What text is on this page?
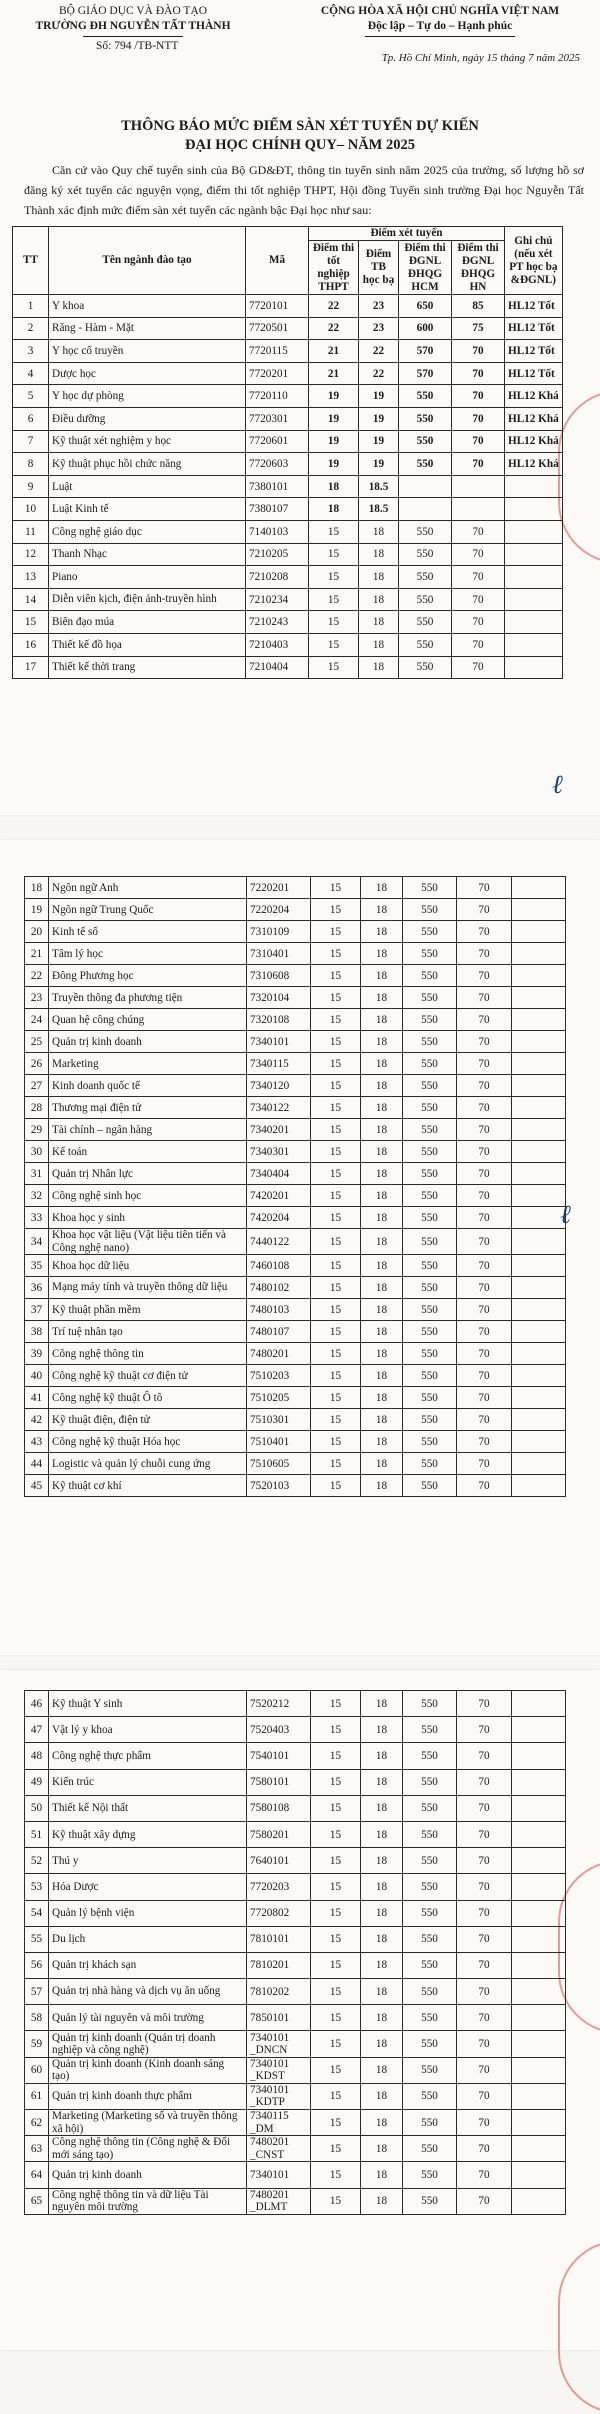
BỘ GIÁO DỤC VÀ ĐÀO TẠO
TRƯỜNG ĐH NGUYỄN TẤT THÀNH
Số: 794 /TB-NTT
CỘNG HÒA XÃ HỘI CHỦ NGHĨA VIỆT NAM
Độc lập – Tự do – Hạnh phúc
Tp. Hồ Chí Minh, ngày 15 tháng 7 năm 2025
THÔNG BÁO MỨC ĐIỂM SÀN XÉT TUYỂN DỰ KIẾN
ĐẠI HỌC CHÍNH QUY– NĂM 2025
Căn cứ vào Quy chế tuyển sinh của Bộ GD&ĐT, thông tin tuyển sinh năm 2025 của trường, số lượng hồ sơ đăng ký xét tuyển các nguyện vọng, điểm thi tốt nghiệp THPT, Hội đồng Tuyển sinh trường Đại học Nguyễn Tất Thành xác định mức điểm sàn xét tuyển các ngành bậc Đại học như sau:
ℓ
ℓ
TT	Tên ngành đào tạo	Mã	Điểm xét tuyển				Ghi chú (nếu xét PT học bạ &ĐGNL)
			Điểm thi tốt nghiệp THPT	Điểm TB học bạ	Điểm thi ĐGNL ĐHQG HCM	Điểm thi ĐGNL ĐHQG HN	
1	Y khoa	7720101	22	23	650	85	HL12 Tốt
2	Răng - Hàm - Mặt	7720501	22	23	600	75	HL12 Tốt
3	Y học cổ truyền	7720115	21	22	570	70	HL12 Tốt
4	Dược học	7720201	21	22	570	70	HL12 Tốt
5	Y học dự phòng	7720110	19	19	550	70	HL12 Khá
6	Điều dưỡng	7720301	19	19	550	70	HL12 Khá
7	Kỹ thuật xét nghiệm y học	7720601	19	19	550	70	HL12 Khá
8	Kỹ thuật phục hồi chức năng	7720603	19	19	550	70	HL12 Khá
9	Luật	7380101	18	18.5			
10	Luật Kinh tế	7380107	18	18.5			
11	Công nghệ giáo dục	7140103	15	18	550	70	
12	Thanh Nhạc	7210205	15	18	550	70	
13	Piano	7210208	15	18	550	70	
14	Diễn viên kịch, điện ảnh-truyền hình	7210234	15	18	550	70	
15	Biên đạo múa	7210243	15	18	550	70	
16	Thiết kế đồ họa	7210403	15	18	550	70	
17	Thiết kế thời trang	7210404	15	18	550	70	
18	Ngôn ngữ Anh	7220201	15	18	550	70	
19	Ngôn ngữ Trung Quốc	7220204	15	18	550	70	
20	Kinh tế số	7310109	15	18	550	70	
21	Tâm lý học	7310401	15	18	550	70	
22	Đông Phương học	7310608	15	18	550	70	
23	Truyền thông đa phương tiện	7320104	15	18	550	70	
24	Quan hệ công chúng	7320108	15	18	550	70	
25	Quản trị kinh doanh	7340101	15	18	550	70	
26	Marketing	7340115	15	18	550	70	
27	Kinh doanh quốc tế	7340120	15	18	550	70	
28	Thương mại điện tử	7340122	15	18	550	70	
29	Tài chính – ngân hàng	7340201	15	18	550	70	
30	Kế toán	7340301	15	18	550	70	
31	Quản trị Nhân lực	7340404	15	18	550	70	
32	Công nghệ sinh học	7420201	15	18	550	70	
33	Khoa học y sinh	7420204	15	18	550	70	
34	Khoa học vật liệu (Vật liệu tiên tiến và Công nghệ nano)	7440122	15	18	550	70	
35	Khoa học dữ liệu	7460108	15	18	550	70	
36	Mạng máy tính và truyền thông dữ liệu	7480102	15	18	550	70	
37	Kỹ thuật phần mềm	7480103	15	18	550	70	
38	Trí tuệ nhân tạo	7480107	15	18	550	70	
39	Công nghệ thông tin	7480201	15	18	550	70	
40	Công nghệ kỹ thuật cơ điện tử	7510203	15	18	550	70	
41	Công nghệ kỹ thuật Ô tô	7510205	15	18	550	70	
42	Kỹ thuật điện, điện tử	7510301	15	18	550	70	
43	Công nghệ kỹ thuật Hóa học	7510401	15	18	550	70	
44	Logistic và quản lý chuỗi cung ứng	7510605	15	18	550	70	
45	Kỹ thuật cơ khí	7520103	15	18	550	70	
46	Kỹ thuật Y sinh	7520212	15	18	550	70	
47	Vật lý y khoa	7520403	15	18	550	70	
48	Công nghệ thực phẩm	7540101	15	18	550	70	
49	Kiến trúc	7580101	15	18	550	70	
50	Thiết kế Nội thất	7580108	15	18	550	70	
51	Kỹ thuật xây dựng	7580201	15	18	550	70	
52	Thú y	7640101	15	18	550	70	
53	Hóa Dược	7720203	15	18	550	70	
54	Quản lý bệnh viện	7720802	15	18	550	70	
55	Du lịch	7810101	15	18	550	70	
56	Quản trị khách sạn	7810201	15	18	550	70	
57	Quản trị nhà hàng và dịch vụ ăn uống	7810202	15	18	550	70	
58	Quản lý tài nguyên và môi trường	7850101	15	18	550	70	
59	Quản trị kinh doanh (Quản trị doanh nghiệp và công nghệ)	7340101 _DNCN	15	18	550	70	
60	Quản trị kinh doanh (Kinh doanh sáng tạo)	7340101 _KDST	15	18	550	70	
61	Quản trị kinh doanh thực phẩm	7340101 _KDTP	15	18	550	70	
62	Marketing (Marketing số và truyền thông xã hội)	7340115 _DM	15	18	550	70	
63	Công nghệ thông tin (Công nghệ & Đổi mới sáng tạo)	7480201 _CNST	15	18	550	70	
64	Quản trị kinh doanh	7340101	15	18	550	70	
65	Công nghệ thông tin và dữ liệu Tài nguyên môi trường	7480201 _DLMT	15	18	550	70	
